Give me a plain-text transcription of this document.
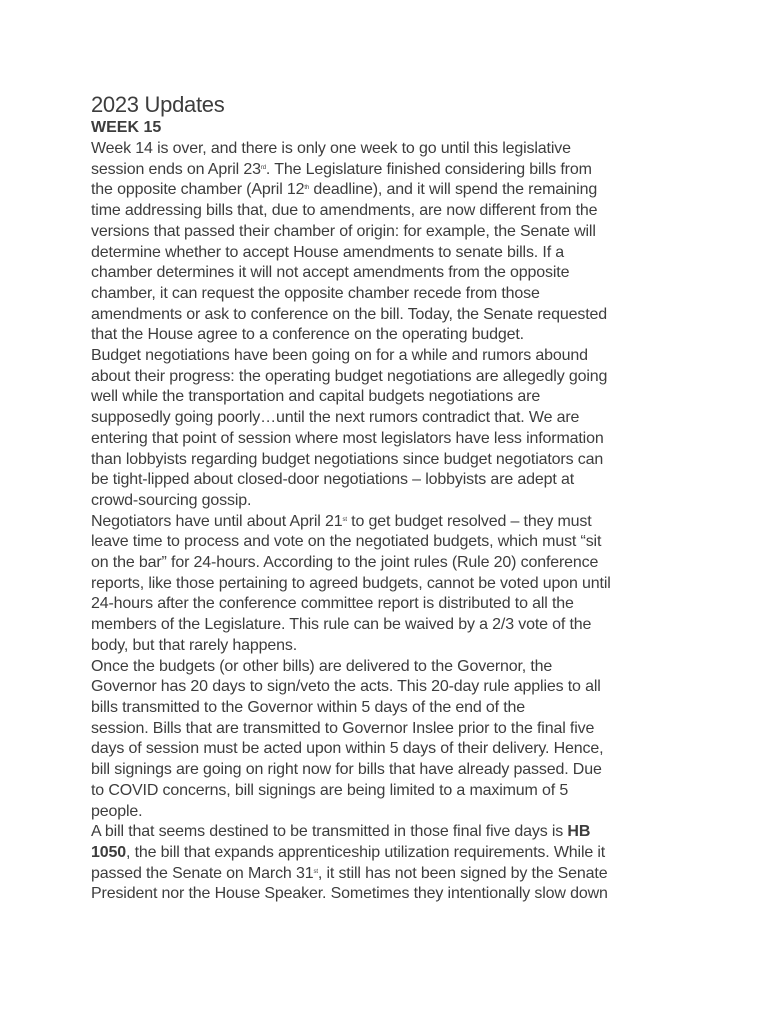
2023 Updates
WEEK 15

Week 14 is over, and there is only one week to go until this legislative
session ends on April 23rd. The Legislature finished considering bills from
the opposite chamber (April 12th deadline), and it will spend the remaining
time addressing bills that, due to amendments, are now different from the
versions that passed their chamber of origin: for example, the Senate will
determine whether to accept House amendments to senate bills. If a
chamber determines it will not accept amendments from the opposite
chamber, it can request the opposite chamber recede from those
amendments or ask to conference on the bill. Today, the Senate requested
that the House agree to a conference on the operating budget.

Budget negotiations have been going on for a while and rumors abound
about their progress: the operating budget negotiations are allegedly going
well while the transportation and capital budgets negotiations are
supposedly going poorly…until the next rumors contradict that. We are
entering that point of session where most legislators have less information
than lobbyists regarding budget negotiations since budget negotiators can
be tight-lipped about closed-door negotiations – lobbyists are adept at
crowd-sourcing gossip.

Negotiators have until about April 21st to get budget resolved – they must
leave time to process and vote on the negotiated budgets, which must “sit
on the bar” for 24-hours. According to the joint rules (Rule 20) conference
reports, like those pertaining to agreed budgets, cannot be voted upon until
24-hours after the conference committee report is distributed to all the
members of the Legislature. This rule can be waived by a 2/3 vote of the
body, but that rarely happens.

Once the budgets (or other bills) are delivered to the Governor, the
Governor has 20 days to sign/veto the acts. This 20-day rule applies to all
bills transmitted to the Governor within 5 days of the end of the
session. Bills that are transmitted to Governor Inslee prior to the final five
days of session must be acted upon within 5 days of their delivery. Hence,
bill signings are going on right now for bills that have already passed. Due
to COVID concerns, bill signings are being limited to a maximum of 5
people.

A bill that seems destined to be transmitted in those final five days is HB
1050, the bill that expands apprenticeship utilization requirements. While it
passed the Senate on March 31st, it still has not been signed by the Senate
President nor the House Speaker. Sometimes they intentionally slow down
